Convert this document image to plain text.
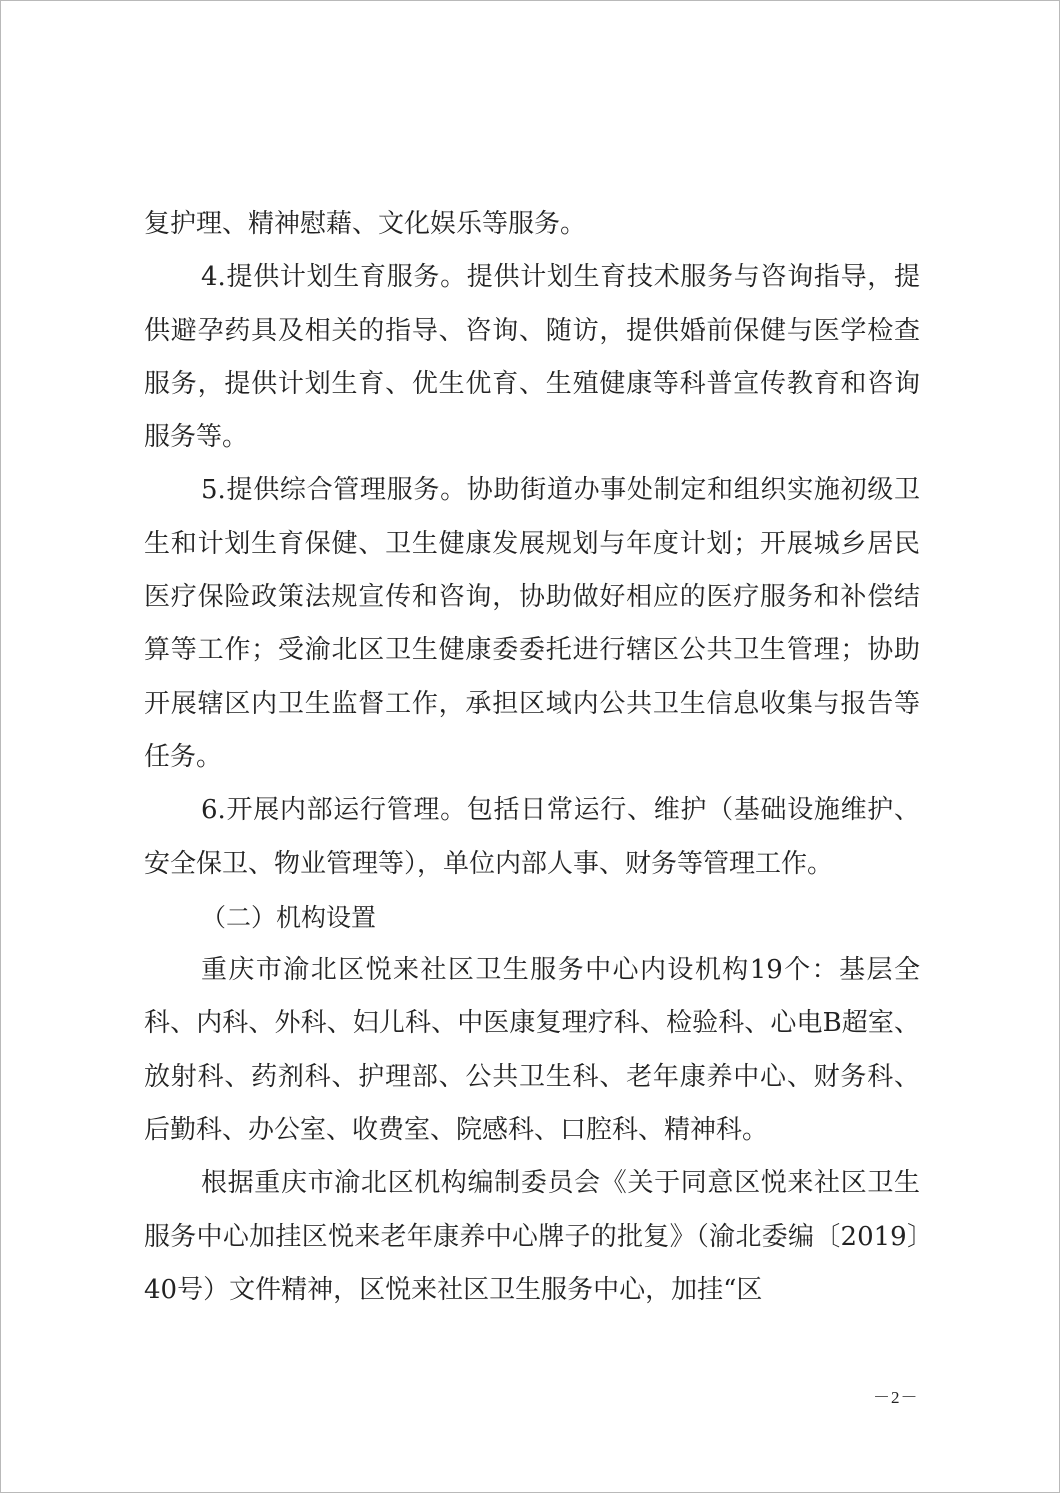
复护理、精神慰藉、文化娱乐等服务。

4.提供计划生育服务。提供计划生育技术服务与咨询指导，提供避孕药具及相关的指导、咨询、随访，提供婚前保健与医学检查服务，提供计划生育、优生优育、生殖健康等科普宣传教育和咨询服务等。

5.提供综合管理服务。协助街道办事处制定和组织实施初级卫生和计划生育保健、卫生健康发展规划与年度计划；开展城乡居民医疗保险政策法规宣传和咨询，协助做好相应的医疗服务和补偿结算等工作；受渝北区卫生健康委委托进行辖区公共卫生管理；协助开展辖区内卫生监督工作，承担区域内公共卫生信息收集与报告等任务。

6.开展内部运行管理。包括日常运行、维护（基础设施维护、安全保卫、物业管理等），单位内部人事、财务等管理工作。

（二）机构设置

重庆市渝北区悦来社区卫生服务中心内设机构19个：基层全科、内科、外科、妇儿科、中医康复理疗科、检验科、心电B超室、放射科、药剂科、护理部、公共卫生科、老年康养中心、财务科、后勤科、办公室、收费室、院感科、口腔科、精神科。

根据重庆市渝北区机构编制委员会《关于同意区悦来社区卫生服务中心加挂区悦来老年康养中心牌子的批复》（渝北委编〔2019〕40号）文件精神，区悦来社区卫生服务中心，加挂“区

－2－
